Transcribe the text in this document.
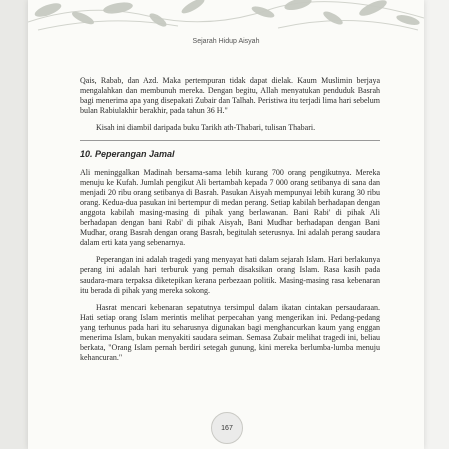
Sejarah Hidup Aisyah

Qais, Rabab, dan Azd. Maka pertempuran tidak dapat dielak. Kaum Muslimin berjaya mengalahkan dan membunuh mereka. Dengan begitu, Allah menyatukan penduduk Basrah bagi menerima apa yang disepakati Zubair dan Talhah. Peristiwa itu terjadi lima hari sebelum bulan Rabiulakhir berakhir, pada tahun 36 H."

Kisah ini diambil daripada buku Tarikh ath-Thabari, tulisan Thabari.

10. Peperangan Jamal

Ali meninggalkan Madinah bersama-sama lebih kurang 700 orang pengikutnya. Mereka menuju ke Kufah. Jumlah pengikut Ali bertambah kepada 7 000 orang setibanya di sana dan menjadi 20 ribu orang setibanya di Basrah. Pasukan Aisyah mempunyai lebih kurang 30 ribu orang. Kedua-dua pasukan ini bertempur di medan perang. Setiap kabilah berhadapan dengan anggota kabilah masing-masing di pihak yang berlawanan. Bani Rabi' di pihak Ali berhadapan dengan bani Rabi' di pihak Aisyah, Bani Mudhar berhadapan dengan Bani Mudhar, orang Basrah dengan orang Basrah, begitulah seterusnya. Ini adalah perang saudara dalam erti kata yang sebenarnya.

Peperangan ini adalah tragedi yang menyayat hati dalam sejarah Islam. Hari berlakunya perang ini adalah hari terburuk yang pernah disaksikan orang Islam. Rasa kasih pada saudara-mara terpaksa diketepikan kerana perbezaan politik. Masing-masing rasa kebenaran itu berada di pihak yang mereka sokong.

Hasrat mencari kebenaran sepatutnya tersimpul dalam ikatan cintakan persaudaraan. Hati setiap orang Islam merintis melihat perpecahan yang mengerikan ini. Pedang-pedang yang terhunus pada hari itu seharusnya digunakan bagi menghancurkan kaum yang enggan menerima Islam, bukan menyakiti saudara seiman. Semasa Zubair melihat tragedi ini, beliau berkata, "Orang Islam pernah berdiri setegah gunung, kini mereka berlumba-lumba menuju kehancuran."

167
